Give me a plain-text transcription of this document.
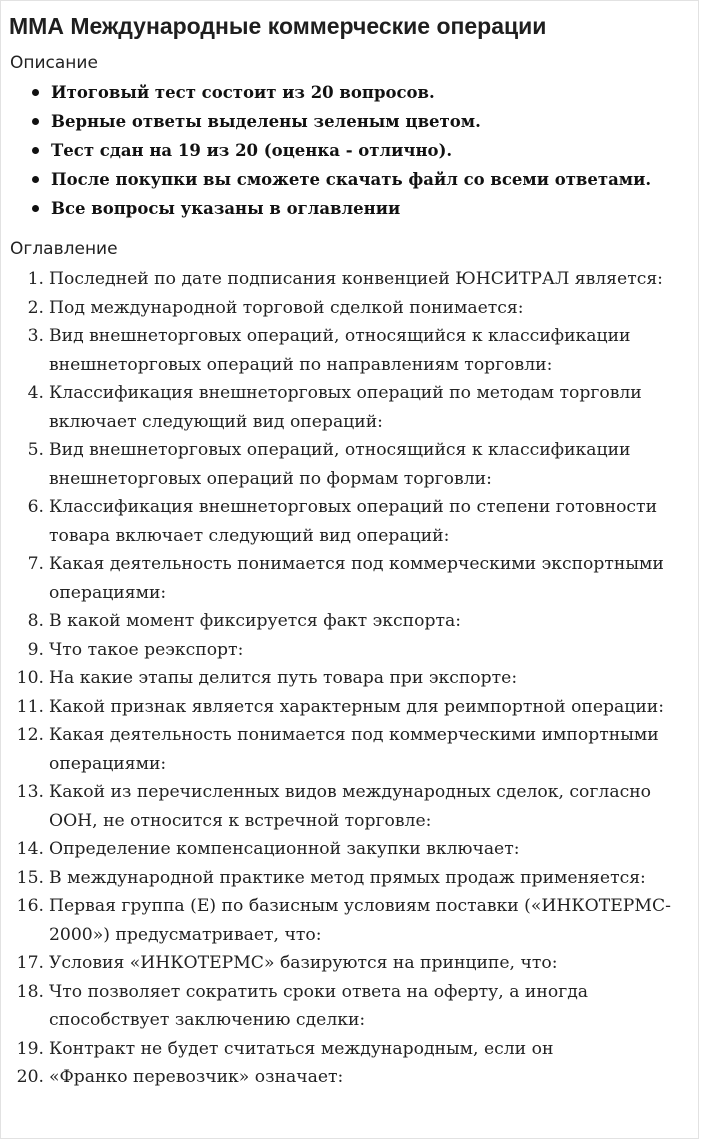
ММА Международные коммерческие операции
Описание
Итоговый тест состоит из 20 вопросов.
Верные ответы выделены зеленым цветом.
Тест сдан на 19 из 20 (оценка - отлично).
После покупки вы сможете скачать файл со всеми ответами.
Все вопросы указаны в оглавлении
Оглавление
1. Последней по дате подписания конвенцией ЮНСИТРАЛ является:
2. Под международной торговой сделкой понимается:
3. Вид внешнеторговых операций, относящийся к классификации внешнеторговых операций по направлениям торговли:
4. Классификация внешнеторговых операций по методам торговли включает следующий вид операций:
5. Вид внешнеторговых операций, относящийся к классификации внешнеторговых операций по формам торговли:
6. Классификация внешнеторговых операций по степени готовности товара включает следующий вид операций:
7. Какая деятельность понимается под коммерческими экспортными операциями:
8. В какой момент фиксируется факт экспорта:
9. Что такое реэкспорт:
10. На какие этапы делится путь товара при экспорте:
11. Какой признак является характерным для реимпортной операции:
12. Какая деятельность понимается под коммерческими импортными операциями:
13. Какой из перечисленных видов международных сделок, согласно ООН, не относится к встречной торговле:
14. Определение компенсационной закупки включает:
15. В международной практике метод прямых продаж применяется:
16. Первая группа (Е) по базисным условиям поставки («ИНКОТЕРМС- 2000») предусматривает, что:
17. Условия «ИНКОТЕРМС» базируются на принципе, что:
18. Что позволяет сократить сроки ответа на оферту, а иногда способствует заключению сделки:
19. Контракт не будет считаться международным, если он
20. «Франко перевозчик» означает:
